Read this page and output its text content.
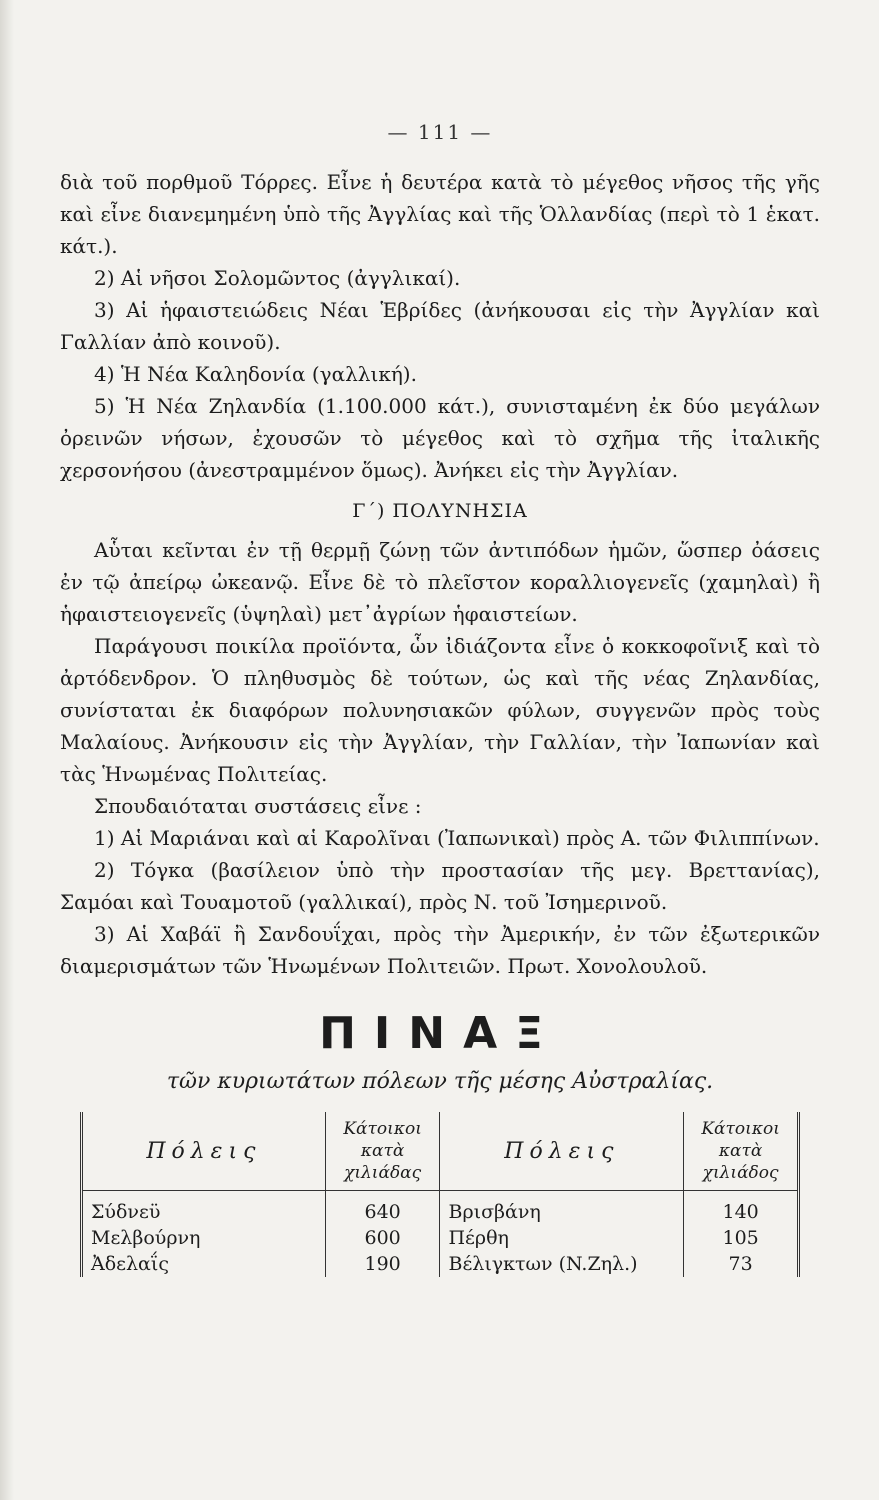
— 111 —

διὰ τοῦ πορθμοῦ Τόρρες. Εἶνε ἡ δευτέρα κατὰ τὸ μέγεθος νῆσος τῆς γῆς καὶ εἶνε διανεμημένη ὑπὸ τῆς Ἀγγλίας καὶ τῆς Ὁλλανδίας (περὶ τὸ 1 ἑκατ. κάτ.).

2) Αἱ νῆσοι Σολομῶντος (ἀγγλικαί).

3) Αἱ ἡφαιστειώδεις Νέαι Ἑβρίδες (ἀνήκουσαι εἰς τὴν Ἀγγλίαν καὶ Γαλλίαν ἀπὸ κοινοῦ).

4) Ἡ Νέα Καληδονία (γαλλική).

5) Ἡ Νέα Ζηλανδία (1.100.000 κάτ.), συνισταμένη ἐκ δύο μεγάλων ὀρεινῶν νήσων, ἐχουσῶν τὸ μέγεθος καὶ τὸ σχῆμα τῆς ἰταλικῆς χερσονήσου (ἀνεστραμμένον ὅμως). Ἀνήκει εἰς τὴν Ἀγγλίαν.

Γ´) ΠΟΛΥΝΗΣΙΑ

Αὗται κεῖνται ἐν τῇ θερμῇ ζώνῃ τῶν ἀντιπόδων ἡμῶν, ὥσπερ ὀάσεις ἐν τῷ ἀπείρῳ ὠκεανῷ. Εἶνε δὲ τὸ πλεῖστον κοραλλιογενεῖς (χαμηλαὶ) ἢ ἡφαιστειογενεῖς (ὑψηλαὶ) μετ᾽ἀγρίων ἡφαιστείων.

Παράγουσι ποικίλα προϊόντα, ὧν ἰδιάζοντα εἶνε ὁ κοκκοφοῖνιξ καὶ τὸ ἀρτόδενδρον. Ὁ πληθυσμὸς δὲ τούτων, ὡς καὶ τῆς νέας Ζηλανδίας, συνίσταται ἐκ διαφόρων πολυνησιακῶν φύλων, συγγενῶν πρὸς τοὺς Μαλαίους. Ἀνήκουσιν εἰς τὴν Ἀγγλίαν, τὴν Γαλλίαν, τὴν Ἰαπωνίαν καὶ τὰς Ἡνωμένας Πολιτείας.

Σπουδαιόταται συστάσεις εἶνε :

1) Αἱ Μαριάναι καὶ αἱ Καρολῖναι (Ἰαπωνικαὶ) πρὸς Α. τῶν Φιλιππίνων.

2) Τόγκα (βασίλειον ὑπὸ τὴν προστασίαν τῆς μεγ. Βρεττανίας), Σαμόαι καὶ Τουαμοτοῦ (γαλλικαί), πρὸς Ν. τοῦ Ἰσημερινοῦ.

3) Αἱ Χαβάϊ ἢ Σανδουΐχαι, πρὸς τὴν Ἀμερικήν, ἐν τῶν ἐξωτερικῶν διαμερισμάτων τῶν Ἡνωμένων Πολιτειῶν. Πρωτ. Χονολουλοῦ.

ΠΙΝΑΞ
τῶν κυριωτάτων πόλεων τῆς μέσης Αὐστραλίας.
Πόλεις	Κάτοικοι κατὰ χιλιάδας	Πόλεις	Κάτοικοι κατὰ χιλιάδος
Σύδνεϋ	640	Βρισβάνη	140
Μελβούρνη	600	Πέρθη	105
Ἀδελαΐς	190	Βέλιγκτων (N.Ζηλ.)	73
